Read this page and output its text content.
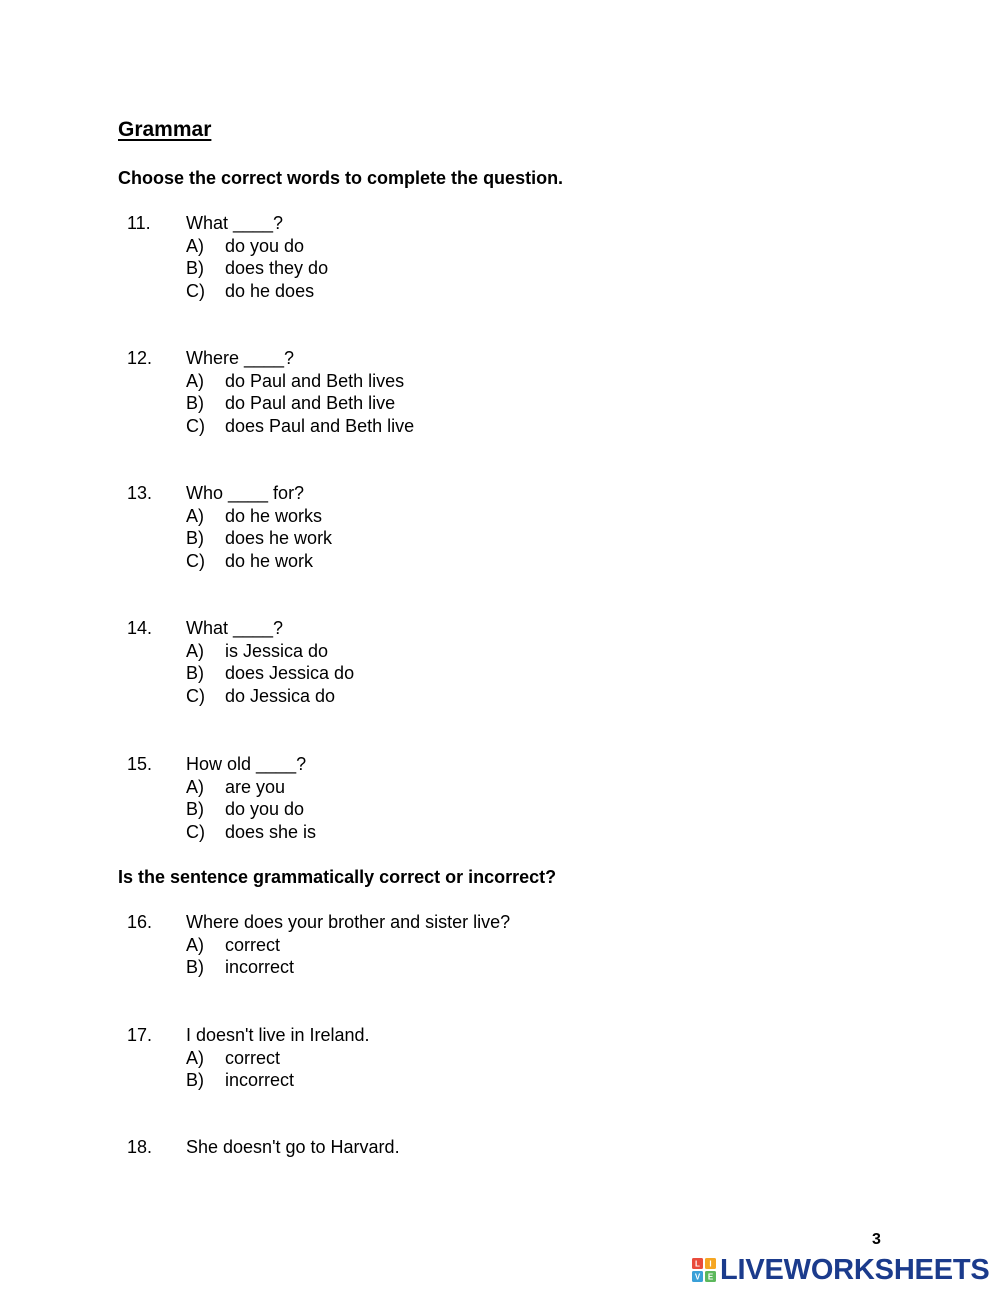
Grammar

Choose the correct words to complete the question.

11.	What ____?
A)	do you do
B)	does they do
C)	do he does
12.	Where ____?
A)	do Paul and Beth lives
B)	do Paul and Beth live
C)	does Paul and Beth live
13.	Who ____ for?
A)	do he works
B)	does he work
C)	do he work
14.	What ____?
A)	is Jessica do
B)	does Jessica do
C)	do Jessica do
15.	How old ____?
A)	are you
B)	do you do
C)	does she is

Is the sentence grammatically correct or incorrect?

16.	Where does your brother and sister live?
A)	correct
B)	incorrect
17.	I doesn't live in Ireland.
A)	correct
B)	incorrect
18.	She doesn't go to Harvard.
3
L I
V E LIVEWORKSHEETS
